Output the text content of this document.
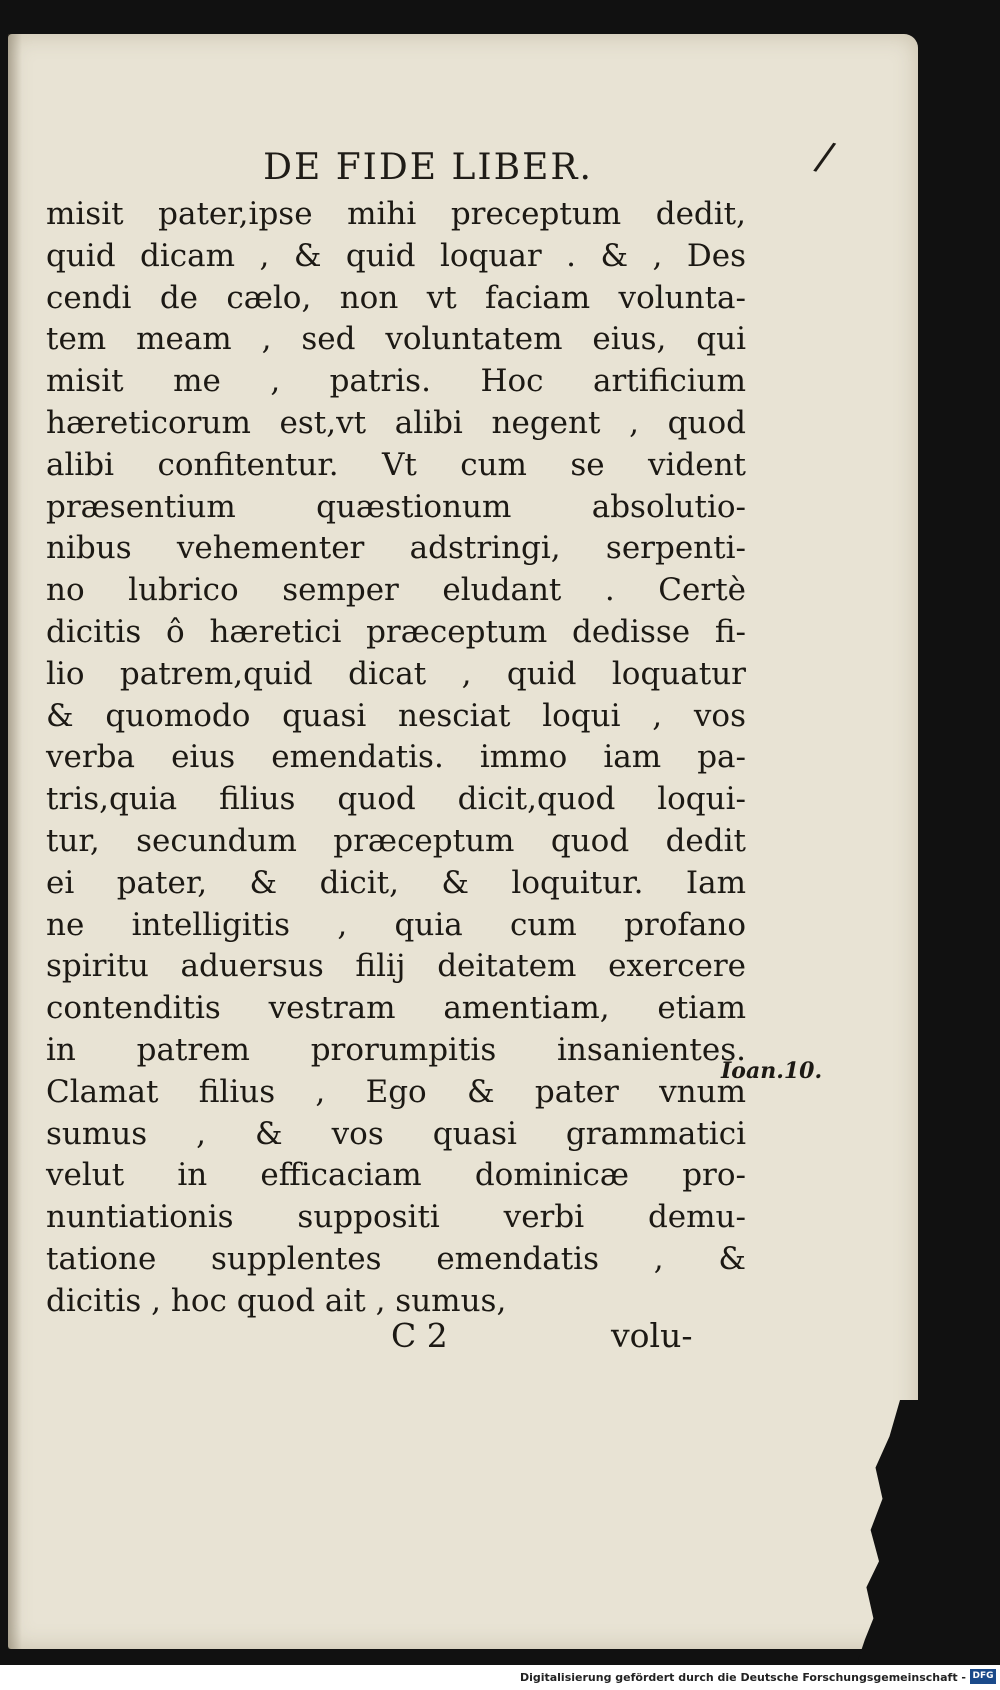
DE FIDE LIBER.	/
misit pater,ipse mihi preceptum dedit,
quid dicam , & quid loquar . & , Des
cendi de cælo, non vt faciam volunta-
tem meam , sed voluntatem eius, qui
misit me , patris. Hoc artificium
hæreticorum est,vt alibi negent , quod
alibi confitentur. Vt cum se vident
præsentium quæstionum absolutio-
nibus vehementer adstringi, serpenti-
no lubrico semper eludant . Certè
dicitis ô hæretici præceptum dedisse fi-
lio patrem,quid dicat , quid loquatur
& quomodo quasi nesciat loqui , vos
verba eius emendatis. immo iam pa-
tris,quia filius quod dicit,quod loqui-
tur, secundum præceptum quod dedit
ei pater, & dicit, & loquitur. Iam
ne intelligitis , quia cum profano
spiritu aduersus filij deitatem exercere
contenditis vestram amentiam, etiam
in patrem prorumpitis insanientes.
Clamat filius , Ego & pater vnum
sumus , & vos quasi grammatici
velut in efficaciam dominicæ pro-
nuntiationis suppositi verbi demu-
tatione supplentes emendatis , &
dicitis , hoc quod ait , sumus,
Ioan.10.
C 2	volu-
Digitalisierung gefördert durch die Deutsche Forschungsgemeinschaft - DFG
